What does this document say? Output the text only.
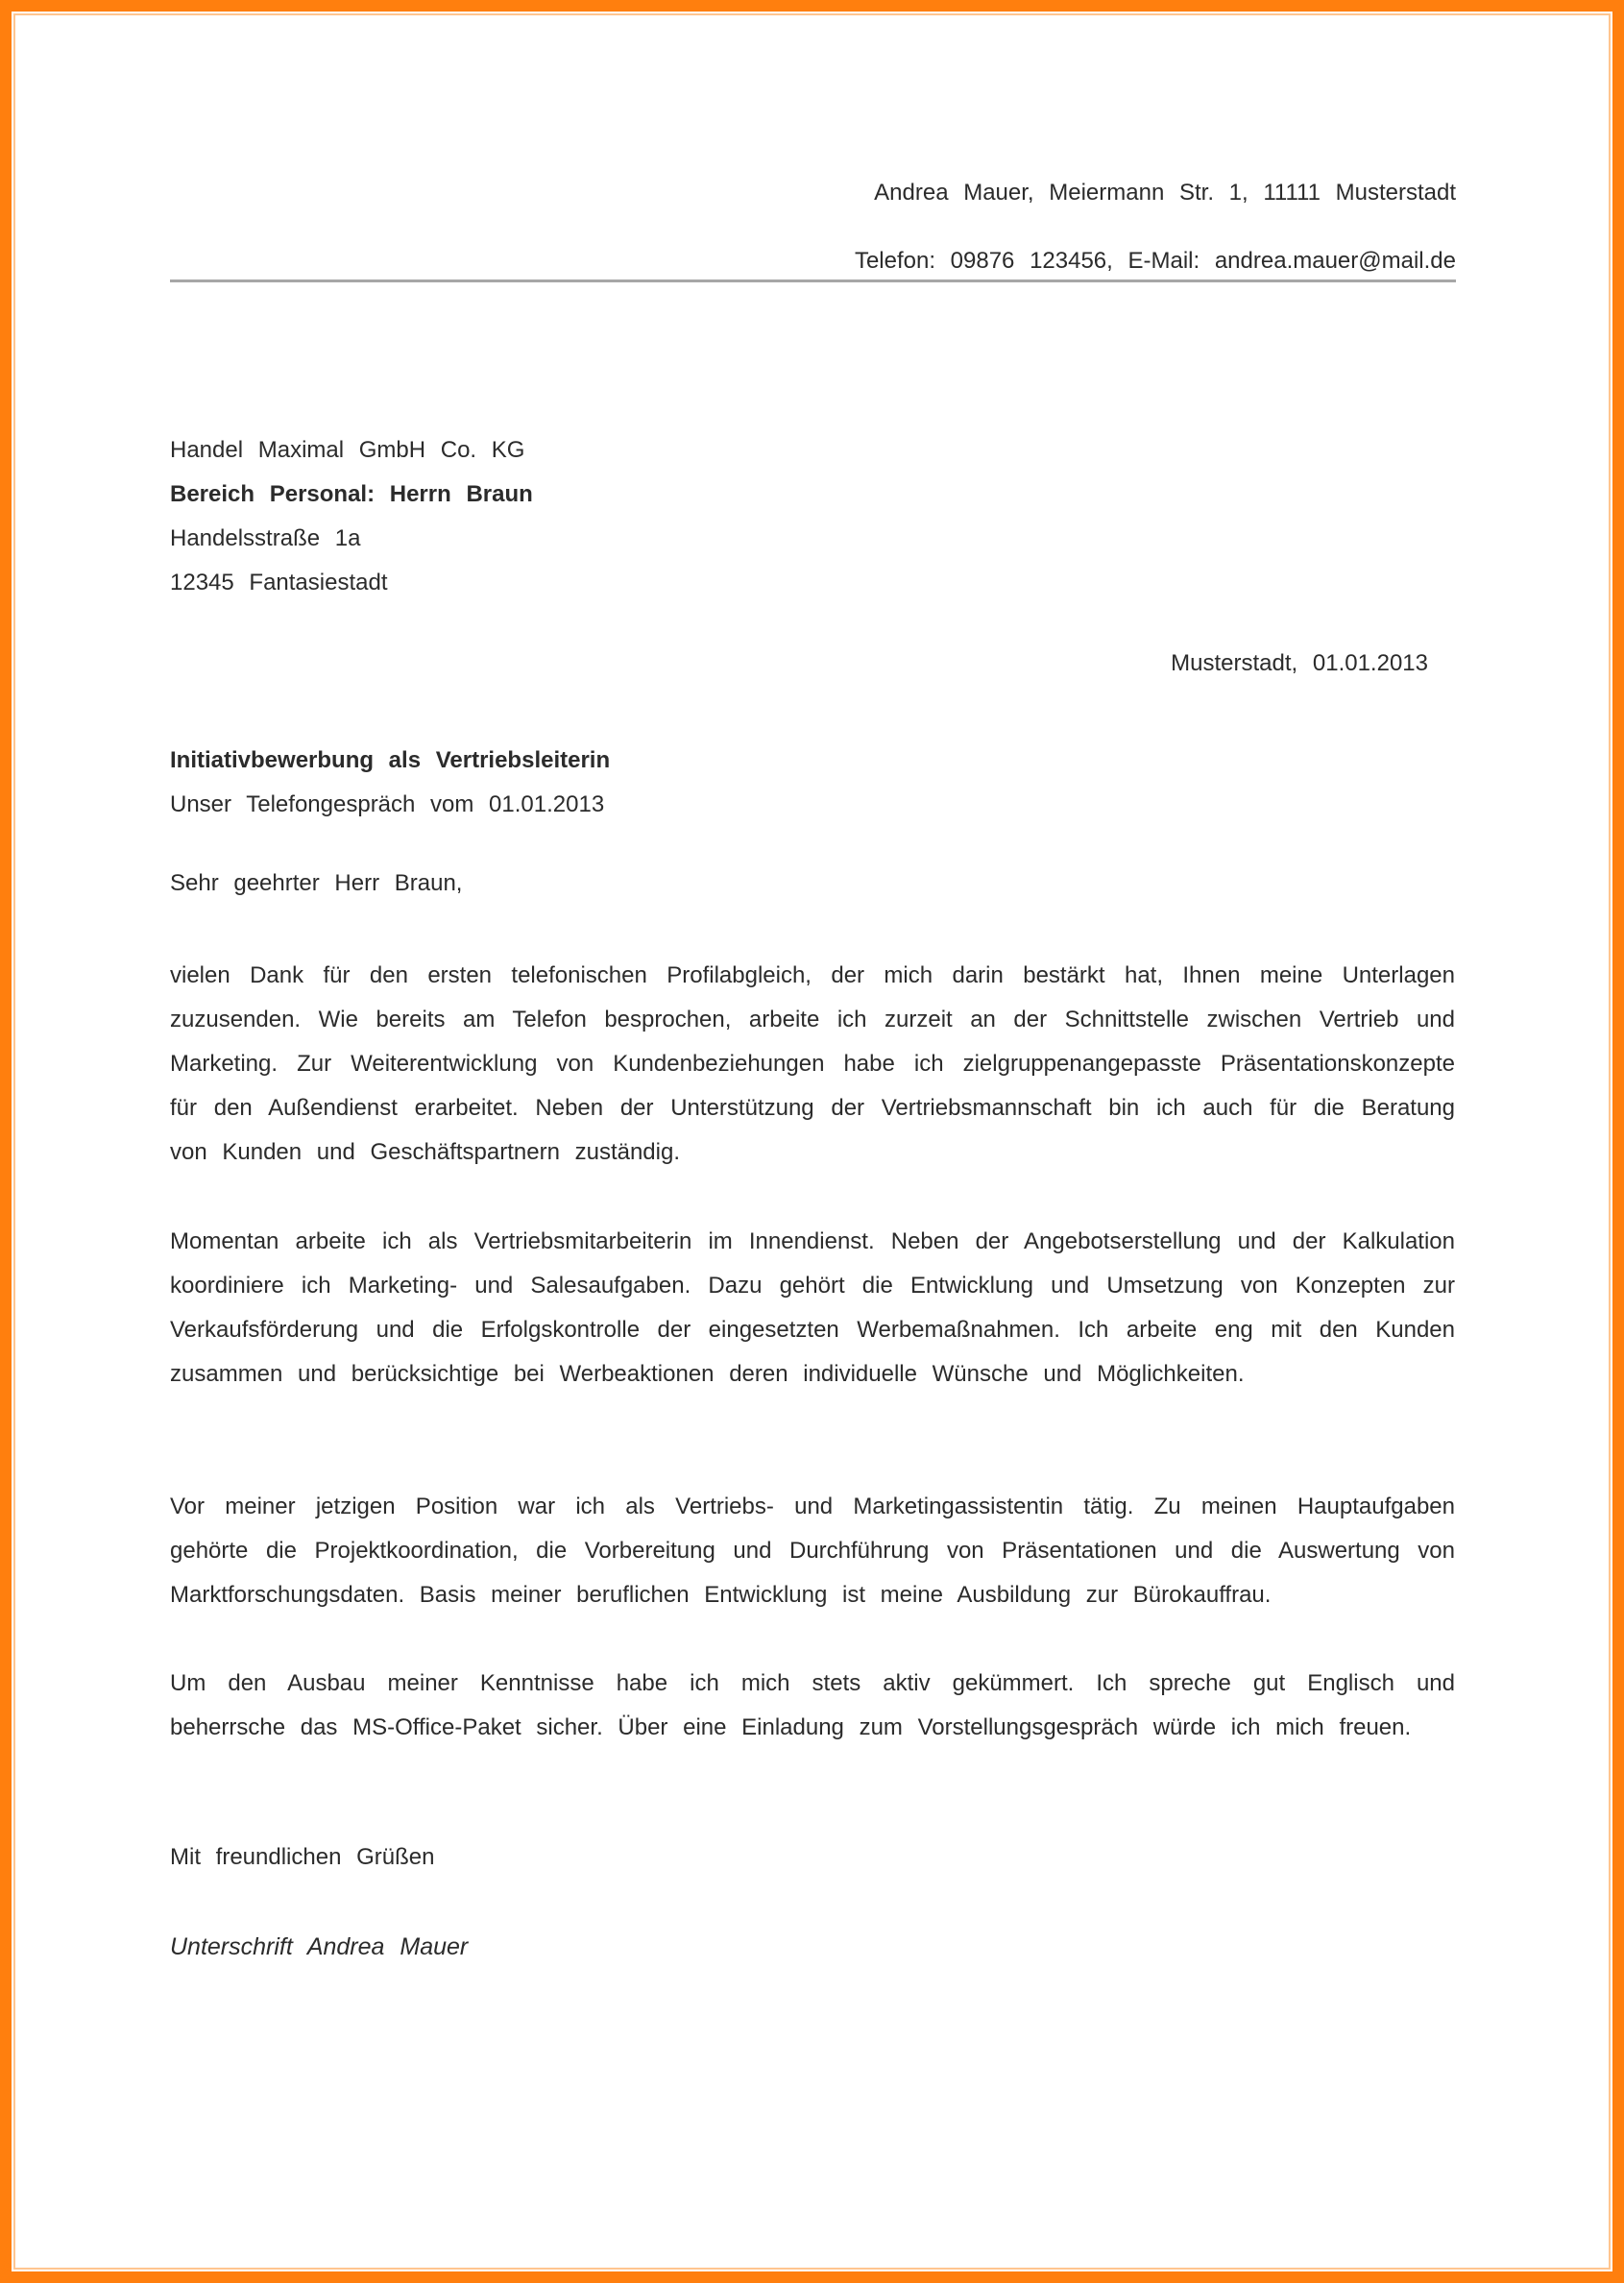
Andrea Mauer, Meiermann Str. 1, 11111 Musterstadt
Telefon: 09876 123456, E-Mail: andrea.mauer@mail.de
Handel Maximal GmbH Co. KG
Bereich Personal: Herrn Braun
Handelsstraße 1a
12345 Fantasiestadt
Musterstadt, 01.01.2013
Initiativbewerbung als Vertriebsleiterin
Unser Telefongespräch vom 01.01.2013
Sehr geehrter Herr Braun,
vielen Dank für den ersten telefonischen Profilabgleich, der mich darin bestärkt hat, Ihnen meine Unterlagen zuzusenden. Wie bereits am Telefon besprochen, arbeite ich zurzeit an der Schnittstelle zwischen Vertrieb und Marketing. Zur Weiterentwicklung von Kundenbeziehungen habe ich zielgruppenangepasste Präsentationskonzepte für den Außendienst erarbeitet. Neben der Unterstützung der Vertriebsmannschaft bin ich auch für die Beratung von Kunden und Geschäftspartnern zuständig.
Momentan arbeite ich als Vertriebsmitarbeiterin im Innendienst. Neben der Angebotserstellung und der Kalkulation koordiniere ich Marketing- und Salesaufgaben. Dazu gehört die Entwicklung und Umsetzung von Konzepten zur Verkaufsförderung und die Erfolgskontrolle der eingesetzten Werbemaßnahmen. Ich arbeite eng mit den Kunden zusammen und berücksichtige bei Werbeaktionen deren individuelle Wünsche und Möglichkeiten.
Vor meiner jetzigen Position war ich als Vertriebs- und Marketingassistentin tätig. Zu meinen Hauptaufgaben gehörte die Projektkoordination, die Vorbereitung und Durchführung von Präsentationen und die Auswertung von Marktforschungsdaten. Basis meiner beruflichen Entwicklung ist meine Ausbildung zur Bürokauffrau.
Um den Ausbau meiner Kenntnisse habe ich mich stets aktiv gekümmert. Ich spreche gut Englisch und beherrsche das MS-Office-Paket sicher. Über eine Einladung zum Vorstellungsgespräch würde ich mich freuen.
Mit freundlichen Grüßen
Unterschrift Andrea Mauer
